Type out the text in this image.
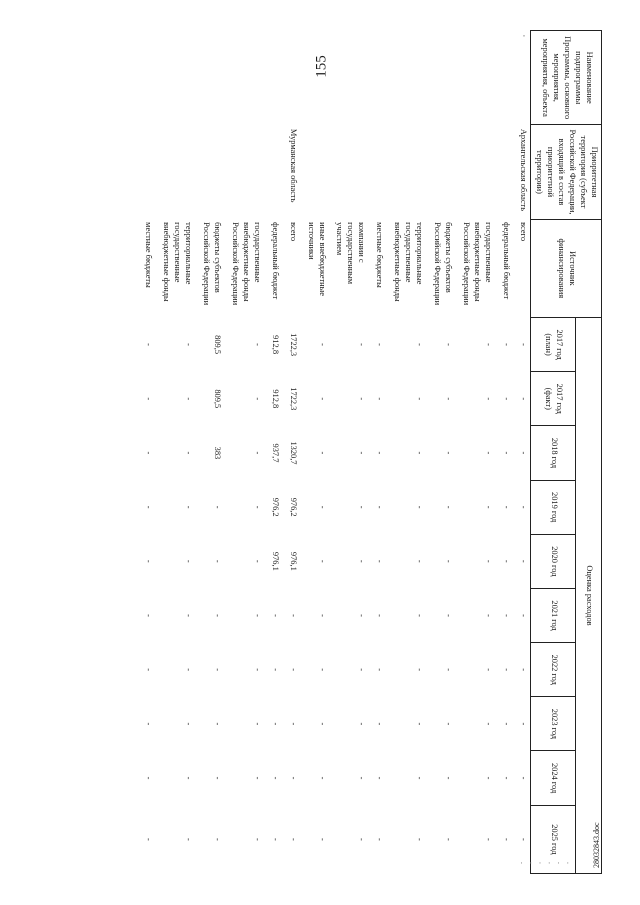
155	Наименование подпрограммы Программы, основного мероприятия, мероприятия, объекта	Приоритетная территория (субъект Российской Федерации, входящий в состав приоритетной территории)	Источник финансирования	Оценка расходов									
			2017 год (план)	2017 год (факт)	2018 год	2019 год	2020 год	2021 год	2022 год	2023 год	2024 год	2025 год
·	Архангельская область	всего	-	-	-	-	-	-	-	-	-	-
		федеральный бюджет	-	-	-	-	-	-	-	-	-	-
		государственные внебюджетные фонды Российской Федерации	-	-	-	-	-	-	-	-	-	-
		бюджеты субъектов Российской Федерации	-	-	-	-	-	-	-	-	-	-
		территориальные государственные внебюджетные фонды	-	-	-	-	-	-	-	-	-	-
		местные бюджеты	-	-	-	-	-	-	-	-	-	-
		компании с государственным участием	-	-	-	-	-	-	-	-	-	-
		иные внебюджетные источники	-	-	-	-	-	-	-	-	-	-
	Мурманская область	всего	1722,3	1722,3	1320,7	976,2	976,1	-	-	-	-	-
		федеральный бюджет	912,8	912,8	937,7	976,2	976,1	-	-	-	-	-
		государственные внебюджетные фонды Российской Федерации	-	-	-	-	-	-	-	-	-	-
		бюджеты субъектов Российской Федерации	809,5	809,5	383	-	-	-	-	-	-	-
		территориальные государственные внебюджетные фонды	-	-	-	-	-	-	-	-	-	-
		местные бюджеты	-	-	-	-	-	-	-	-	-	-
· · · · · ·	28032843.doc
